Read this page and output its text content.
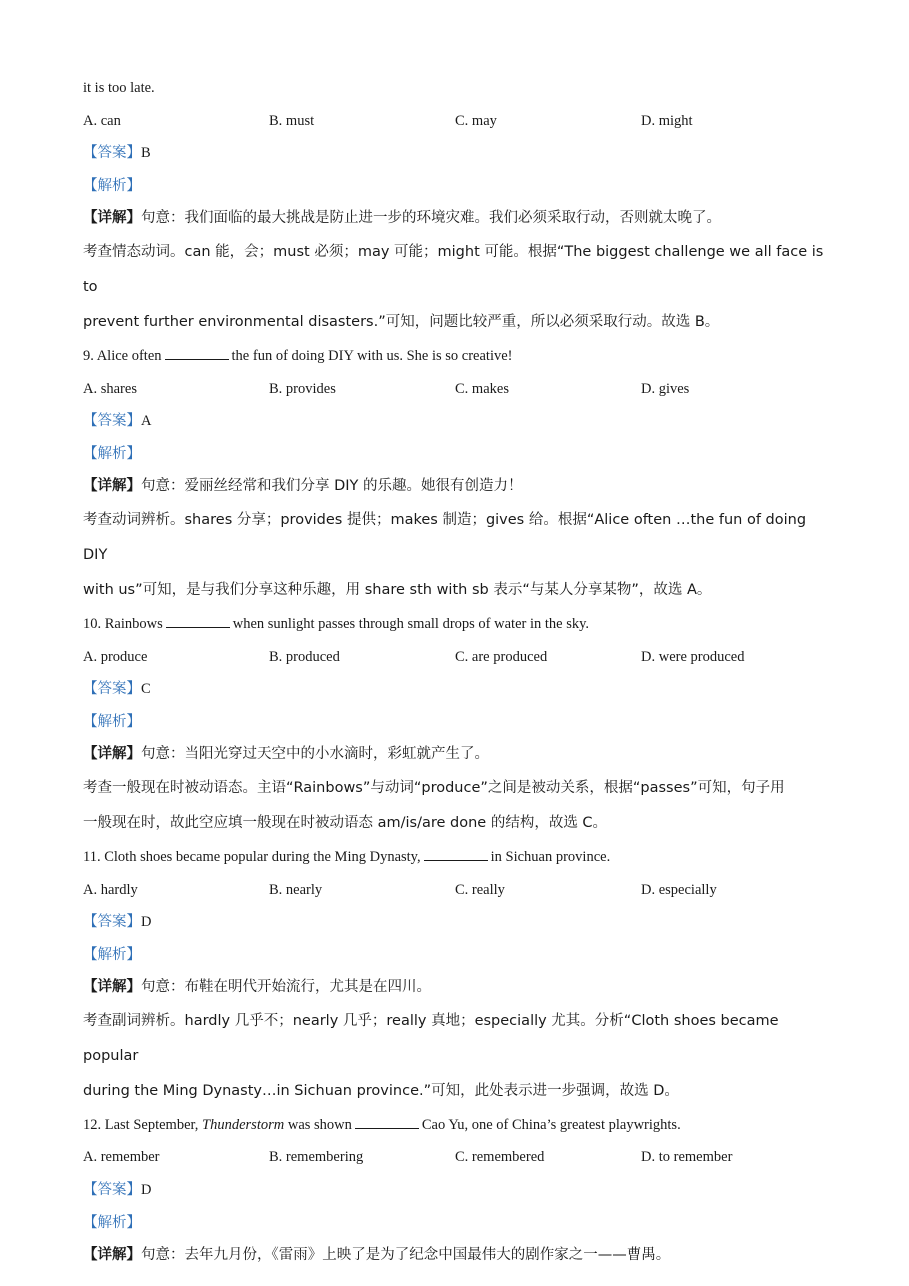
it is too late.
A. can	B. must	C. may	D. might
【答案】B
【解析】
【详解】句意：我们面临的最大挑战是防止进一步的环境灾难。我们必须采取行动，否则就太晚了。
考查情态动词。can 能，会；must 必须；may 可能；might 可能。根据“The biggest challenge we all face is to
prevent further environmental disasters.”可知，问题比较严重，所以必须采取行动。故选 B。
9. Alice often	the fun of doing DIY with us. She is so creative!
A. shares	B. provides	C. makes	D. gives
【答案】A
【解析】
【详解】句意：爱丽丝经常和我们分享 DIY 的乐趣。她很有创造力！
考查动词辨析。shares 分享；provides 提供；makes 制造；gives 给。根据“Alice often …the fun of doing DIY
with us”可知，是与我们分享这种乐趣，用 share sth with sb 表示“与某人分享某物”，故选 A。
10. Rainbows	when sunlight passes through small drops of water in the sky.
A. produce	B. produced	C. are produced	D. were produced
【答案】C
【解析】
【详解】句意：当阳光穿过天空中的小水滴时，彩虹就产生了。
考查一般现在时被动语态。主语“Rainbows”与动词“produce”之间是被动关系，根据“passes”可知，句子用
一般现在时，故此空应填一般现在时被动语态 am/is/are done 的结构，故选 C。
11. Cloth shoes became popular during the Ming Dynasty,	in Sichuan province.
A. hardly	B. nearly	C. really	D. especially
【答案】D
【解析】
【详解】句意：布鞋在明代开始流行，尤其是在四川。
考查副词辨析。hardly 几乎不；nearly 几乎；really 真地；especially 尤其。分析“Cloth shoes became popular
during the Ming Dynasty…in Sichuan province.”可知，此处表示进一步强调，故选 D。
12. Last September, Thunderstorm was shown	Cao Yu, one of China’s greatest playwrights.
A. remember	B. remembering	C. remembered	D. to remember
【答案】D
【解析】
【详解】句意：去年九月份，《雷雨》上映了是为了纪念中国最伟大的剧作家之一——曹禺。
